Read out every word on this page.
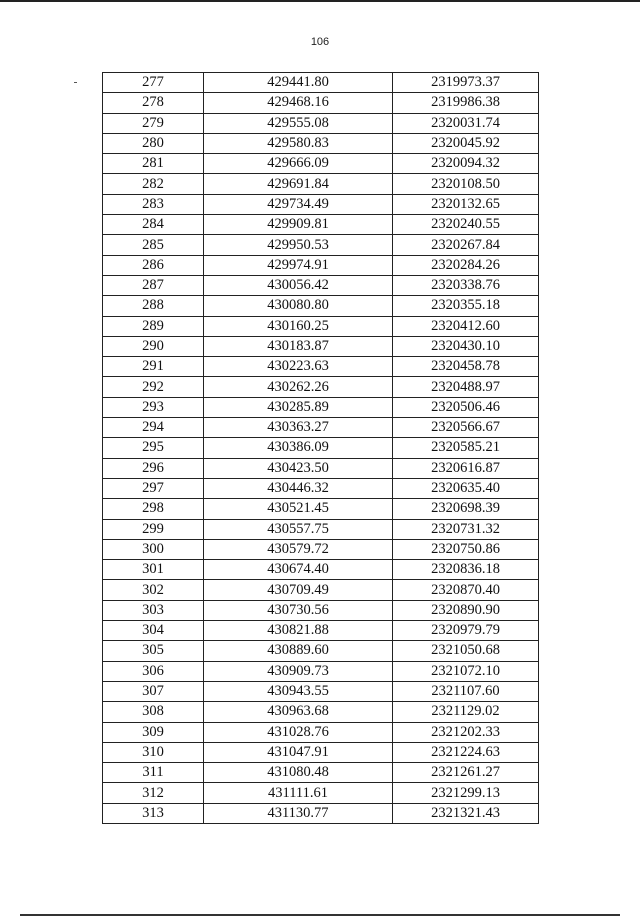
106
277	429441.80	2319973.37
278	429468.16	2319986.38
279	429555.08	2320031.74
280	429580.83	2320045.92
281	429666.09	2320094.32
282	429691.84	2320108.50
283	429734.49	2320132.65
284	429909.81	2320240.55
285	429950.53	2320267.84
286	429974.91	2320284.26
287	430056.42	2320338.76
288	430080.80	2320355.18
289	430160.25	2320412.60
290	430183.87	2320430.10
291	430223.63	2320458.78
292	430262.26	2320488.97
293	430285.89	2320506.46
294	430363.27	2320566.67
295	430386.09	2320585.21
296	430423.50	2320616.87
297	430446.32	2320635.40
298	430521.45	2320698.39
299	430557.75	2320731.32
300	430579.72	2320750.86
301	430674.40	2320836.18
302	430709.49	2320870.40
303	430730.56	2320890.90
304	430821.88	2320979.79
305	430889.60	2321050.68
306	430909.73	2321072.10
307	430943.55	2321107.60
308	430963.68	2321129.02
309	431028.76	2321202.33
310	431047.91	2321224.63
311	431080.48	2321261.27
312	431111.61	2321299.13
313	431130.77	2321321.43
